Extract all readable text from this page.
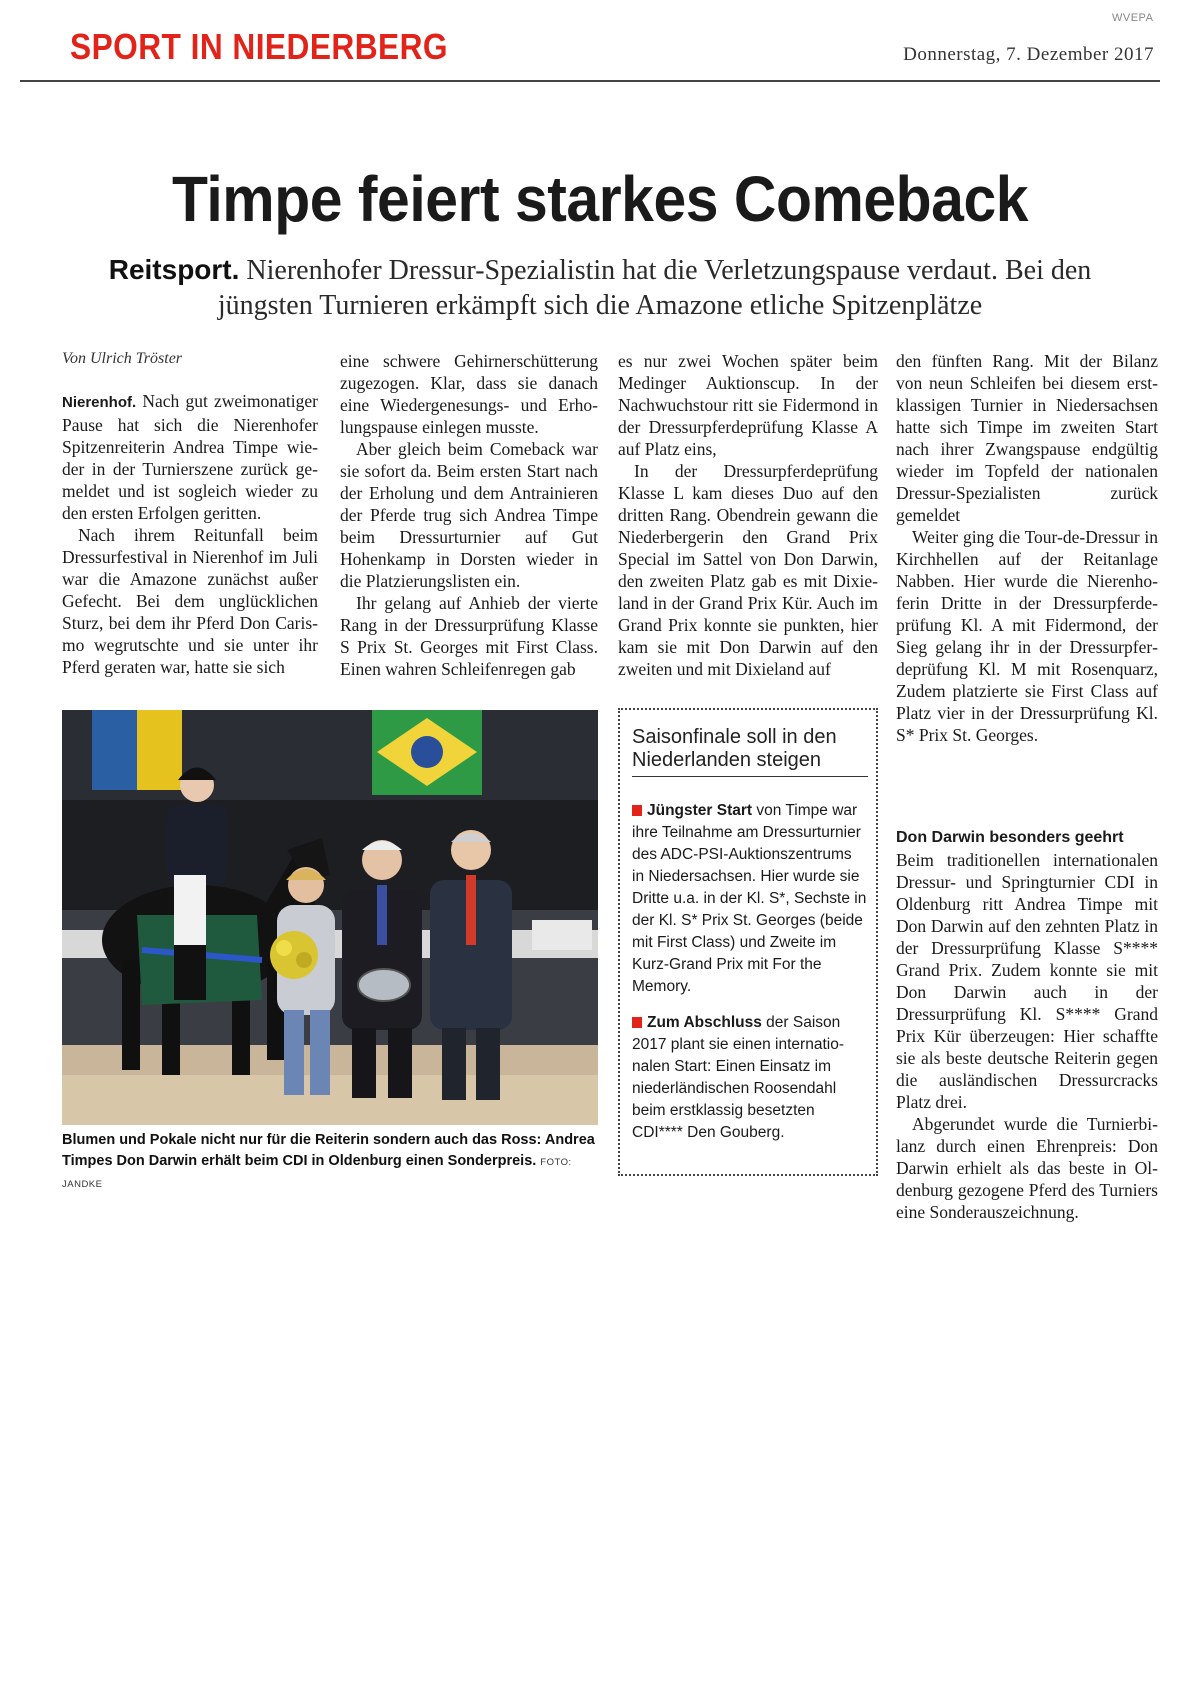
WVEPA
SPORT IN NIEDERBERG	Donnerstag, 7. Dezember 2017
Timpe feiert starkes Comeback
Reitsport. Nierenhofer Dressur-Spezialistin hat die Verletzungspause verdaut. Bei den jüngsten Turnieren erkämpft sich die Amazone etliche Spitzenplätze
Von Ulrich Tröster

Nierenhof. Nach gut zweimonatiger Pause hat sich die Nierenhofer Spitzenreiterin Andrea Timpe wieder in der Turnierszene zurück gemeldet und ist sogleich wieder zu den ersten Erfolgen geritten.

Nach ihrem Reitunfall beim Dressurfestival in Nierenhof im Juli war die Amazone zunächst außer Gefecht. Bei dem unglücklichen Sturz, bei dem ihr Pferd Don Carismo wegrutschte und sie unter ihr Pferd geraten war, hatte sie sich

eine schwere Gehirnerschütterung zugezogen. Klar, dass sie danach eine Wiedergenesungs- und Erholungspause einlegen musste.

Aber gleich beim Comeback war sie sofort da. Beim ersten Start nach der Erholung und dem Antrainieren der Pferde trug sich Andrea Timpe beim Dressurturnier auf Gut Hohenkamp in Dorsten wieder in die Platzierungslisten ein.

Ihr gelang auf Anhieb der vierte Rang in der Dressurprüfung Klasse S Prix St. Georges mit First Class. Einen wahren Schleifenregen gab

es nur zwei Wochen später beim Medinger Auktionscup. In der Nachwuchstour ritt sie Fidermond in der Dressurpferdeprüfung Klasse A auf Platz eins,

In der Dressurpferdeprüfung Klasse L kam dieses Duo auf den dritten Rang. Obendrein gewann die Niederbergerin den Grand Prix Special im Sattel von Don Darwin, den zweiten Platz gab es mit Dixieland in der Grand Prix Kür. Auch im Grand Prix konnte sie punkten, hier kam sie mit Don Darwin auf den zweiten und mit Dixieland auf

den fünften Rang. Mit der Bilanz von neun Schleifen bei diesem erstklassigen Turnier in Niedersachsen hatte sich Timpe im zweiten Start nach ihrer Zwangspause endgültig wieder im Topfeld der nationalen Dressur-Spezialisten zurück gemeldet

Weiter ging die Tour-de-Dressur in Kirchhellen auf der Reitanlage Nabben. Hier wurde die Nierenhoferin Dritte in der Dressurpferdeprüfung Kl. A mit Fidermond, der Sieg gelang ihr in der Dressurpferdeprüfung Kl. M mit Rosenquarz, Zudem platzierte sie First Class auf Platz vier in der Dressurprüfung Kl. S* Prix St. Georges.

Don Darwin besonders geehrt

Beim traditionellen internationalen Dressur- und Springturnier CDI in Oldenburg ritt Andrea Timpe mit Don Darwin auf den zehnten Platz in der Dressurprüfung Klasse S**** Grand Prix. Zudem konnte sie mit Don Darwin auch in der Dressurprüfung Kl. S**** Grand Prix Kür überzeugen: Hier schaffte sie als beste deutsche Reiterin gegen die ausländischen Dressurcracks Platz drei.

Abgerundet wurde die Turnierbilanz durch einen Ehrenpreis: Don Darwin erhielt als das beste in Oldenburg gezogene Pferd des Turniers eine Sonderauszeichnung.

Blumen und Pokale nicht nur für die Reiterin sondern auch das Ross: Andrea Timpes Don Darwin erhält beim CDI in Oldenburg einen Sonderpreis. FOTO: JANDKE
Saisonfinale soll in den Niederlanden steigen

Jüngster Start von Timpe war ihre Teilnahme am Dressurturnier des ADC-PSI-Auktionszentrums in Niedersachsen. Hier wurde sie Dritte u.a. in der Kl. S*, Sechste in der Kl. S* Prix St. Georges (beide mit First Class) und Zweite im Kurz-Grand Prix mit For the Memory.

Zum Abschluss der Saison 2017 plant sie einen internationalen Start: Einen Einsatz im niederländischen Roosendahl beim erstklassig besetzten CDI**** Den Gouberg.
